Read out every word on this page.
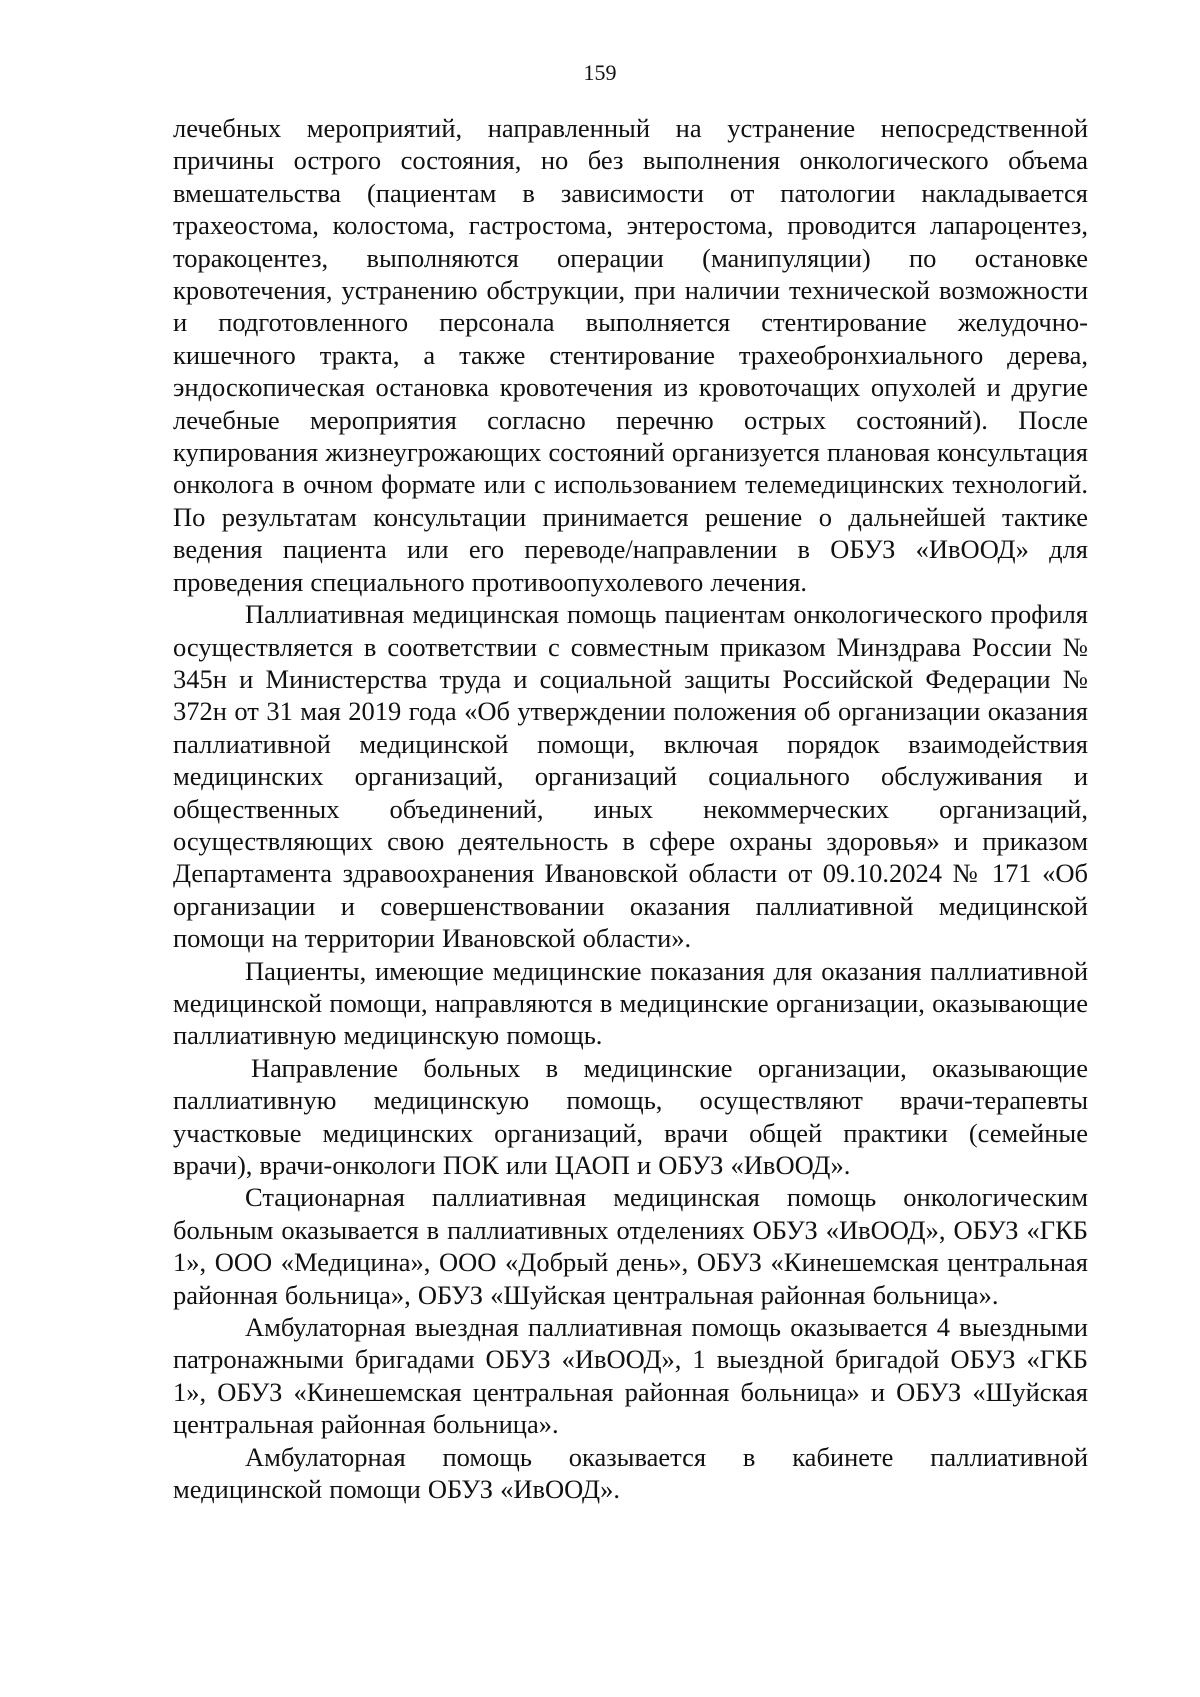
159

лечебных мероприятий, направленный на устранение непосредственной причины острого состояния, но без выполнения онкологического объема вмешательства (пациентам в зависимости от патологии накладывается трахеостома, колостома, гастростома, энтеростома, проводится лапароцентез, торакоцентез, выполняются операции (манипуляции) по остановке кровотечения, устранению обструкции, при наличии технической возможности и подготовленного персонала выполняется стентирование желудочно-кишечного тракта, а также стентирование трахеобронхиального дерева, эндоскопическая остановка кровотечения из кровоточащих опухолей и другие лечебные мероприятия согласно перечню острых состояний). После купирования жизнеугрожающих состояний организуется плановая консультация онколога в очном формате или с использованием телемедицинских технологий. По результатам консультации принимается решение о дальнейшей тактике ведения пациента или его переводе/направлении в ОБУЗ «ИвООД» для проведения специального противоопухолевого лечения.

Паллиативная медицинская помощь пациентам онкологического профиля осуществляется в соответствии с совместным приказом Минздрава России № 345н и Министерства труда и социальной защиты Российской Федерации № 372н от 31 мая 2019 года «Об утверждении положения об организации оказания паллиативной медицинской помощи, включая порядок взаимодействия медицинских организаций, организаций социального обслуживания и общественных объединений, иных некоммерческих организаций, осуществляющих свою деятельность в сфере охраны здоровья» и приказом Департамента здравоохранения Ивановской области от 09.10.2024 № 171 «Об организации и совершенствовании оказания паллиативной медицинской помощи на территории Ивановской области».

Пациенты, имеющие медицинские показания для оказания паллиативной медицинской помощи, направляются в медицинские организации, оказывающие паллиативную медицинскую помощь.

Направление больных в медицинские организации, оказывающие паллиативную медицинскую помощь, осуществляют врачи-терапевты участковые медицинских организаций, врачи общей практики (семейные врачи), врачи-онкологи ПОК или ЦАОП и ОБУЗ «ИвООД».

Стационарная паллиативная медицинская помощь онкологическим больным оказывается в паллиативных отделениях ОБУЗ «ИвООД», ОБУЗ «ГКБ 1», ООО «Медицина», ООО «Добрый день», ОБУЗ «Кинешемская центральная районная больница», ОБУЗ «Шуйская центральная районная больница».

Амбулаторная выездная паллиативная помощь оказывается 4 выездными патронажными бригадами ОБУЗ «ИвООД», 1 выездной бригадой ОБУЗ «ГКБ 1», ОБУЗ «Кинешемская центральная районная больница» и ОБУЗ «Шуйская центральная районная больница».

Амбулаторная помощь оказывается в кабинете паллиативной медицинской помощи ОБУЗ «ИвООД».
